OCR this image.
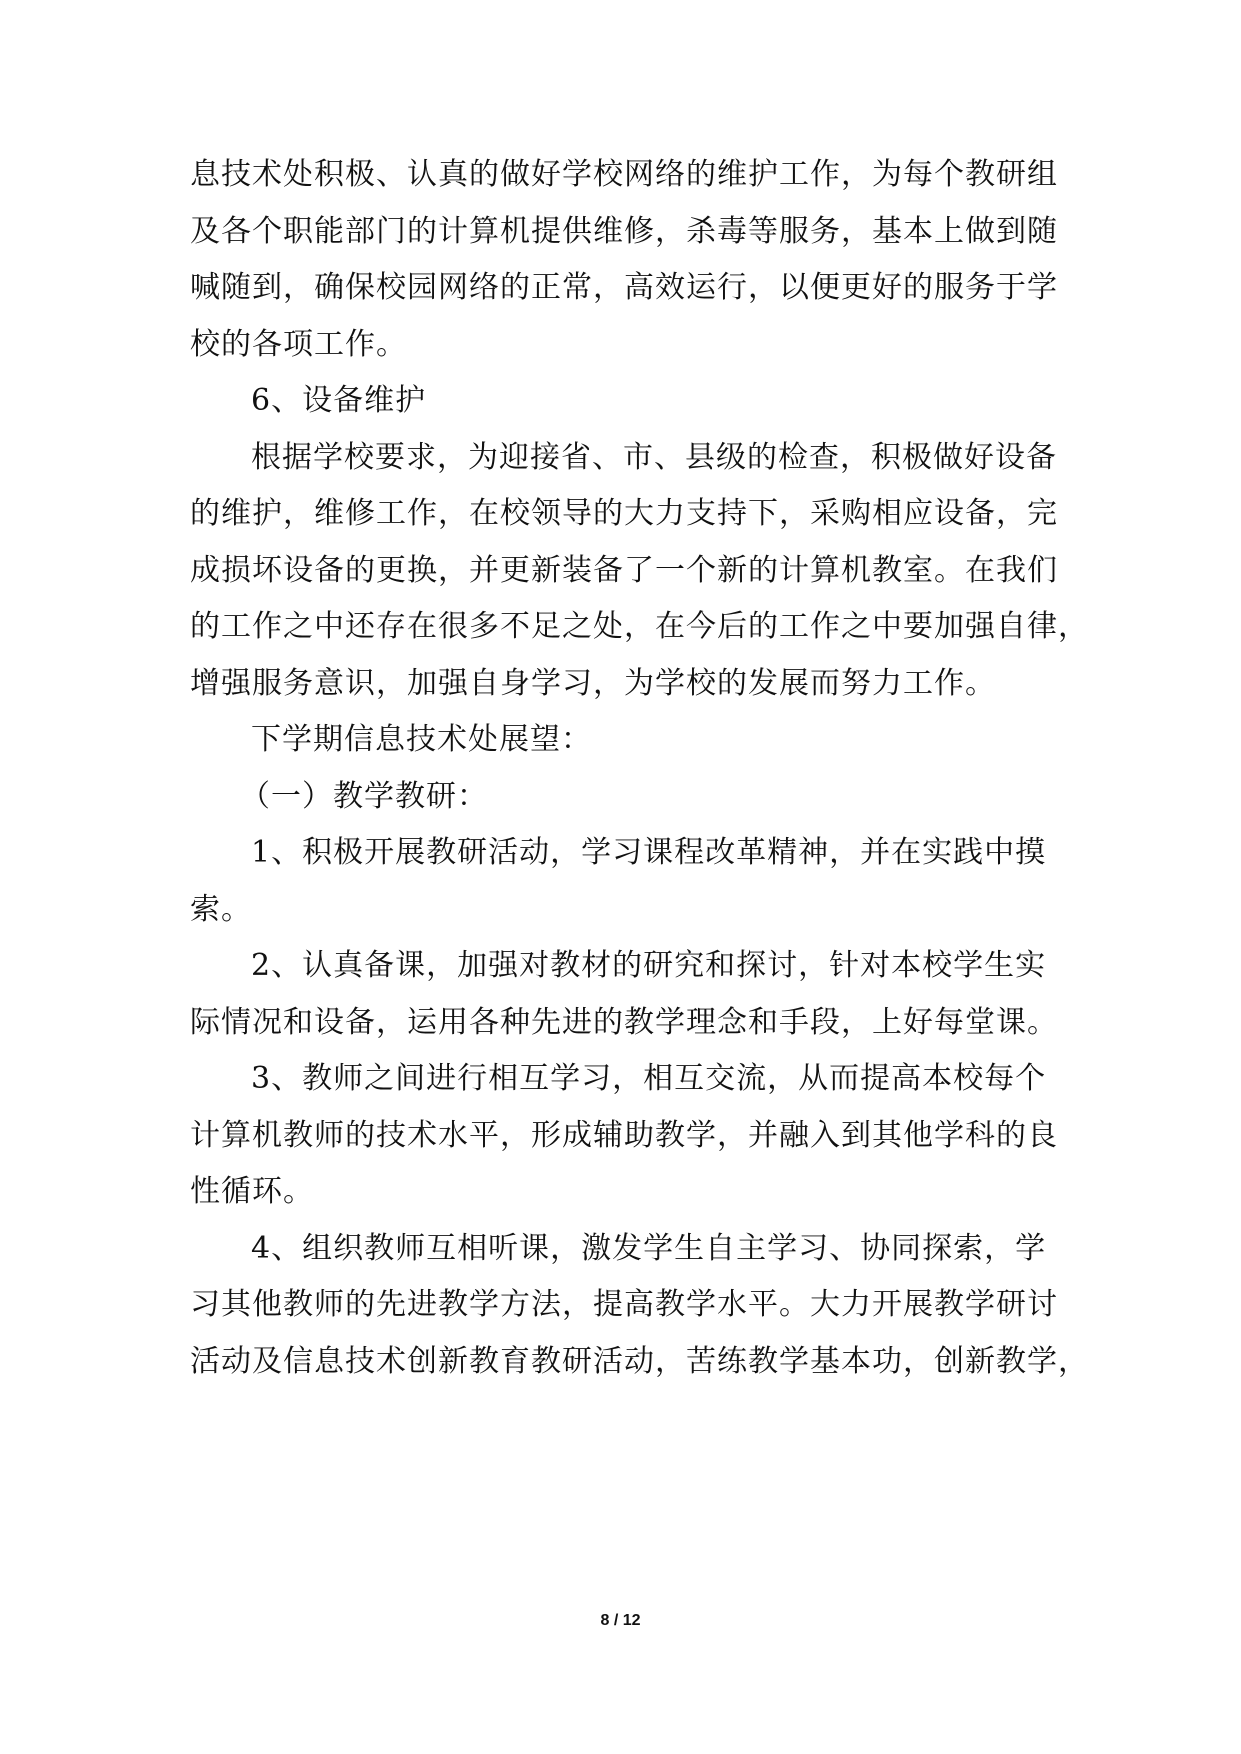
息技术处积极、认真的做好学校网络的维护工作，为每个教研组
及各个职能部门的计算机提供维修，杀毒等服务，基本上做到随
喊随到，确保校园网络的正常，高效运行，以便更好的服务于学
校的各项工作。
6、设备维护
根据学校要求，为迎接省、市、县级的检查，积极做好设备
的维护，维修工作，在校领导的大力支持下，采购相应设备，完
成损坏设备的更换，并更新装备了一个新的计算机教室。在我们
的工作之中还存在很多不足之处，在今后的工作之中要加强自律，
增强服务意识，加强自身学习，为学校的发展而努力工作。
下学期信息技术处展望：
（一）教学教研：
1、积极开展教研活动，学习课程改革精神，并在实践中摸
索。
2、认真备课，加强对教材的研究和探讨，针对本校学生实
际情况和设备，运用各种先进的教学理念和手段，上好每堂课。
3、教师之间进行相互学习，相互交流，从而提高本校每个
计算机教师的技术水平，形成辅助教学，并融入到其他学科的良
性循环。
4、组织教师互相听课，激发学生自主学习、协同探索，学
习其他教师的先进教学方法，提高教学水平。大力开展教学研讨
活动及信息技术创新教育教研活动，苦练教学基本功，创新教学，
8 / 12
